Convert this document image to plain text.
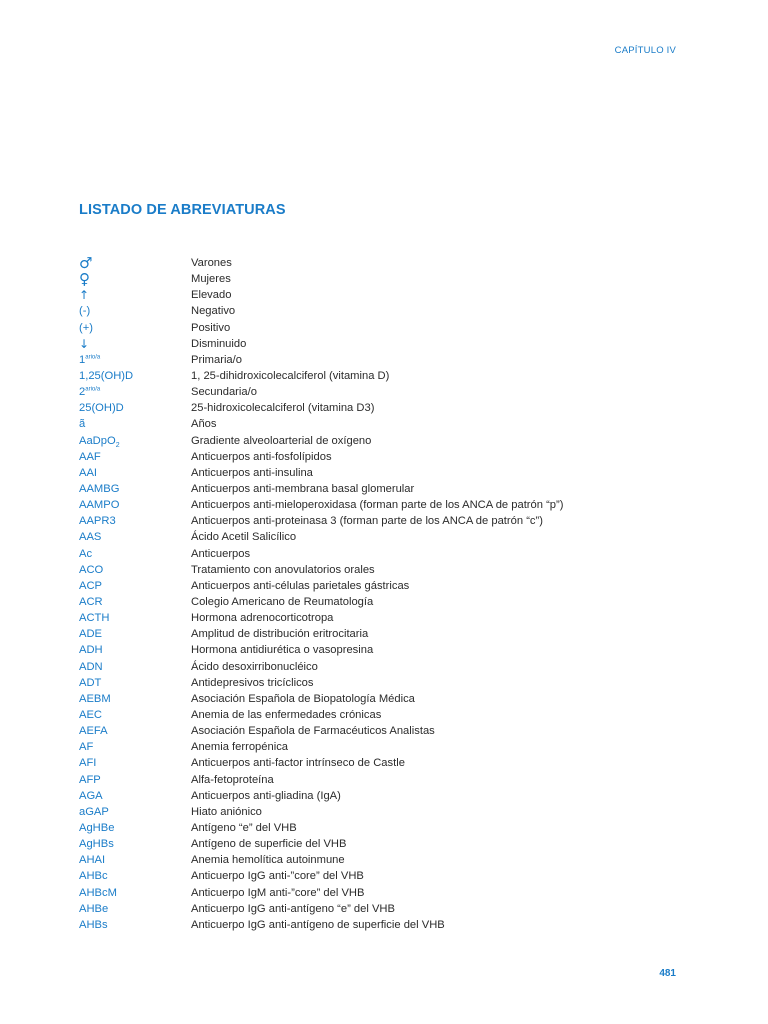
CAPÍTULO IV
LISTADO DE ABREVIATURAS
♂	Varones
♀	Mujeres
↑	Elevado
(-)	Negativo
(+)	Positivo
↓	Disminuido
$1^{ario/a}$	Primaria/o
1,25(OH)D	1, 25-dihidroxicolecalciferol (vitamina D)
$2^{ario/a}$	Secundaria/o
25(OH)D	25-hidroxicolecalciferol (vitamina D3)
ã	Años
AaDpO$_2$	Gradiente alveoloarterial de oxígeno
AAF	Anticuerpos anti-fosfolípidos
AAI	Anticuerpos anti-insulina
AAMBG	Anticuerpos anti-membrana basal glomerular
AAMPO	Anticuerpos anti-mieloperoxidasa (forman parte de los ANCA de patrón “p”)
AAPR3	Anticuerpos anti-proteinasa 3 (forman parte de los ANCA de patrón “c”)
AAS	Ácido Acetil Salicílico
Ac	Anticuerpos
ACO	Tratamiento con anovulatorios orales
ACP	Anticuerpos anti-células parietales gástricas
ACR	Colegio Americano de Reumatología
ACTH	Hormona adrenocorticotropa
ADE	Amplitud de distribución eritrocitaria
ADH	Hormona antidiurética o vasopresina
ADN	Ácido desoxirribonucléico
ADT	Antidepresivos tricíclicos
AEBM	Asociación Española de Biopatología Médica
AEC	Anemia de las enfermedades crónicas
AEFA	Asociación Española de Farmacéuticos Analistas
AF	Anemia ferropénica
AFI	Anticuerpos anti-factor intrínseco de Castle
AFP	Alfa-fetoproteína
AGA	Anticuerpos anti-gliadina (IgA)
aGAP	Hiato aniónico
AgHBe	Antígeno “e” del VHB
AgHBs	Antígeno de superficie del VHB
AHAI	Anemia hemolítica autoinmune
AHBc	Anticuerpo IgG anti-”core” del VHB
AHBcM	Anticuerpo IgM anti-”core” del VHB
AHBe	Anticuerpo IgG anti-antígeno “e” del VHB
AHBs	Anticuerpo IgG anti-antígeno de superficie del VHB
481
